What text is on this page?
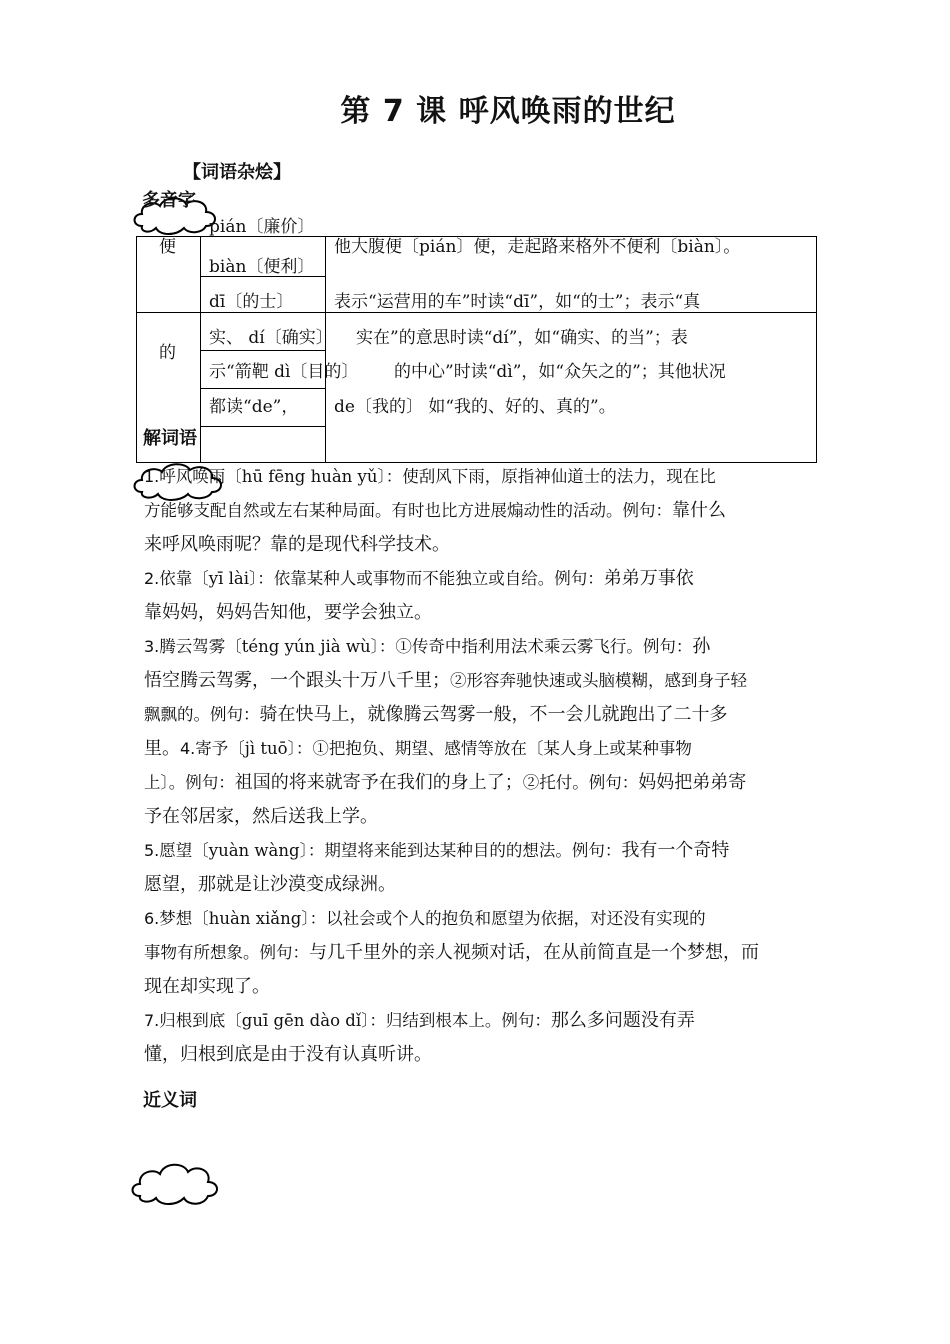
第 7 课 呼风唤雨的世纪
【词语杂烩】
多音字
便
pián〔廉价〕
biàn〔便利〕
他大腹便〔pián〕便，走起路来格外不便利〔biàn〕。
的
dī〔的士〕
实、 dí〔确实〕
示“箭靶 dì〔目的〕
都读“de”，
表示“运营用的车”时读“dī”，如“的士”；表示“真
实在”的意思时读“dí”，如“确实、的当”；表
的中心”时读“dì”，如“众矢之的”；其他状况
de〔我的〕 如“我的、好的、真的”。
解词语
1.呼风唤雨〔hū fēng huàn yǔ〕：使刮风下雨，原指神仙道士的法力，现在比
方能够支配自然或左右某种局面。有时也比方进展煽动性的活动。例句：靠什么
来呼风唤雨呢？靠的是现代科学技术。
2.依靠〔yī lài〕：依靠某种人或事物而不能独立或自给。例句：弟弟万事依
靠妈妈，妈妈告知他，要学会独立。
3.腾云驾雾〔téng yún jià wù〕：①传奇中指利用法术乘云雾飞行。例句：孙
悟空腾云驾雾，一个跟头十万八千里；②形容奔驰快速或头脑模糊，感到身子轻
飘飘的。例句：骑在快马上，就像腾云驾雾一般，不一会儿就跑出了二十多
里。4.寄予〔jì tuō〕：①把抱负、期望、感情等放在〔某人身上或某种事物
上〕。例句：祖国的将来就寄予在我们的身上了；②托付。例句：妈妈把弟弟寄
予在邻居家，然后送我上学。
5.愿望〔yuàn wàng〕：期望将来能到达某种目的的想法。例句：我有一个奇特
愿望，那就是让沙漠变成绿洲。
6.梦想〔huàn xiǎng〕：以社会或个人的抱负和愿望为依据，对还没有实现的
事物有所想象。例句：与几千里外的亲人视频对话，在从前简直是一个梦想，而
现在却实现了。
7.归根到底〔guī gēn dào dǐ〕：归结到根本上。例句：那么多问题没有弄
懂，归根到底是由于没有认真听讲。
近义词
